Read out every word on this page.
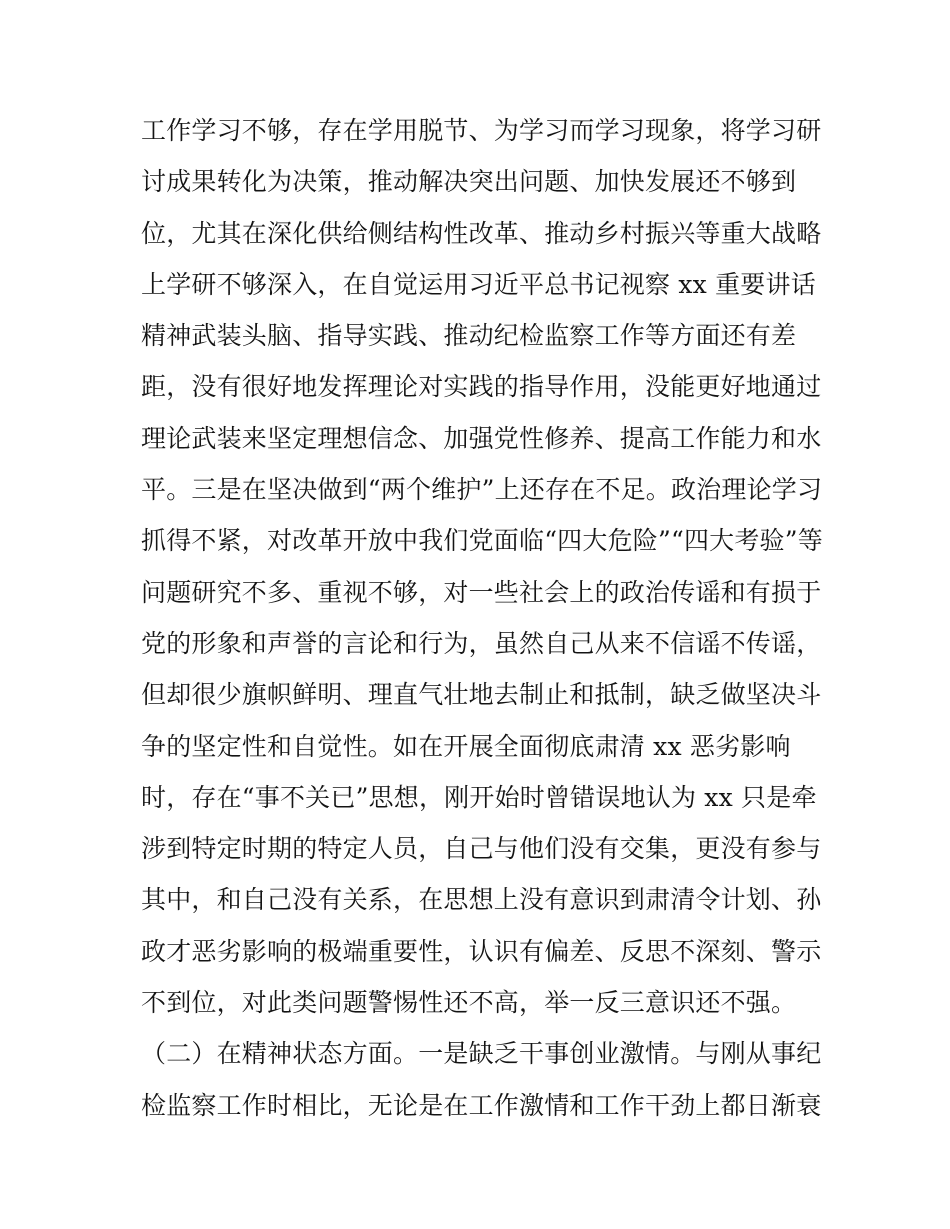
工作学习不够，存在学用脱节、为学习而学习现象，将学习研
讨成果转化为决策，推动解决突出问题、加快发展还不够到
位，尤其在深化供给侧结构性改革、推动乡村振兴等重大战略
上学研不够深入，在自觉运用习近平总书记视察 xx 重要讲话
精神武装头脑、指导实践、推动纪检监察工作等方面还有差
距，没有很好地发挥理论对实践的指导作用，没能更好地通过
理论武装来坚定理想信念、加强党性修养、提高工作能力和水
平。三是在坚决做到“两个维护”上还存在不足。政治理论学习
抓得不紧，对改革开放中我们党面临“四大危险”“四大考验”等
问题研究不多、重视不够，对一些社会上的政治传谣和有损于
党的形象和声誉的言论和行为，虽然自己从来不信谣不传谣，
但却很少旗帜鲜明、理直气壮地去制止和抵制，缺乏做坚决斗
争的坚定性和自觉性。如在开展全面彻底肃清 xx 恶劣影响
时，存在“事不关已”思想，刚开始时曾错误地认为 xx 只是牵
涉到特定时期的特定人员，自己与他们没有交集，更没有参与
其中，和自己没有关系，在思想上没有意识到肃清令计划、孙
政才恶劣影响的极端重要性，认识有偏差、反思不深刻、警示
不到位，对此类问题警惕性还不高，举一反三意识还不强。
（二）在精神状态方面。一是缺乏干事创业激情。与刚从事纪
检监察工作时相比，无论是在工作激情和工作干劲上都日渐衰
